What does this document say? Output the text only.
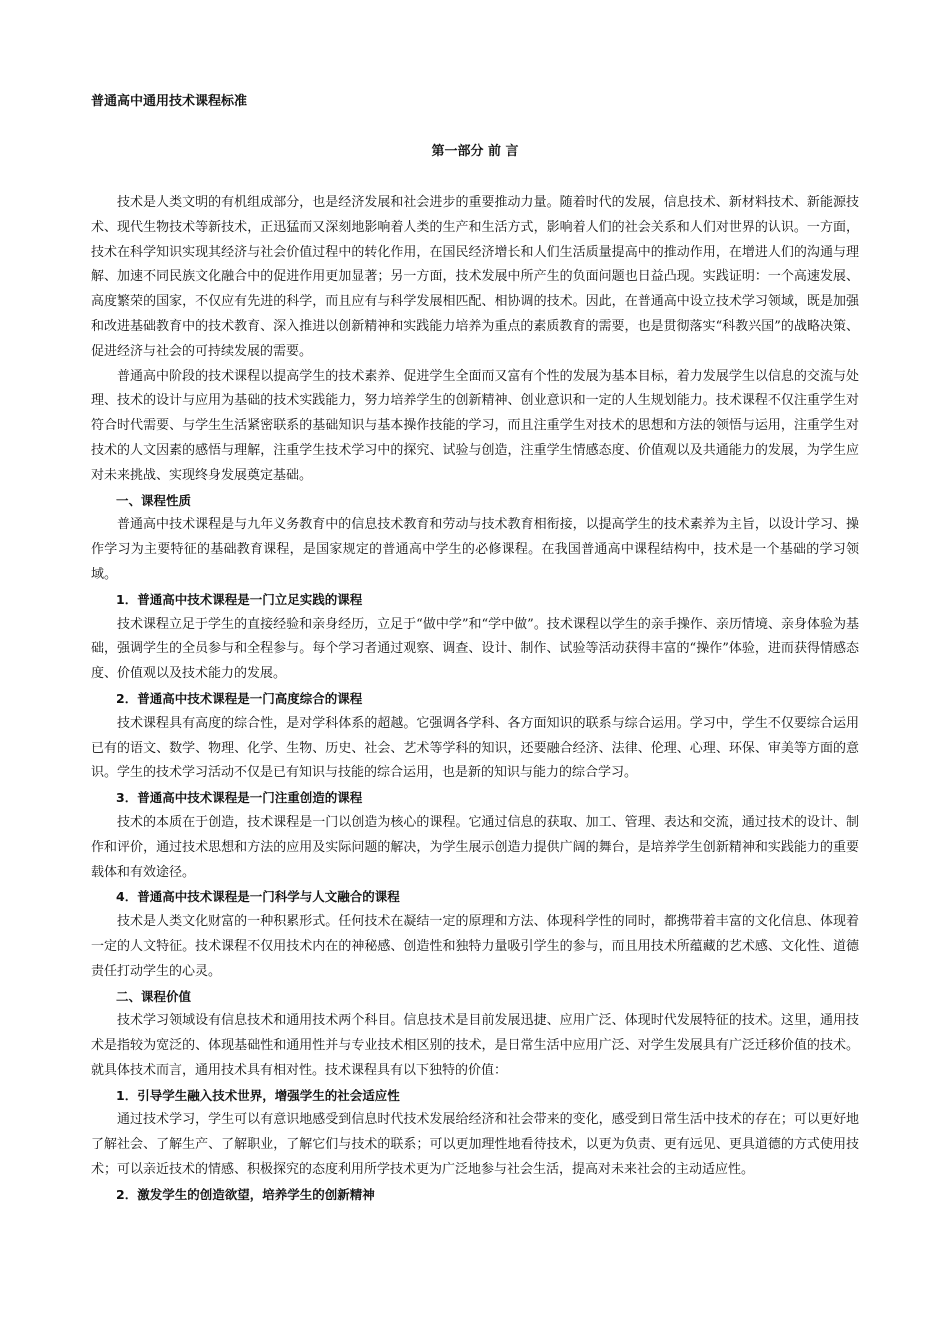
普通高中通用技术课程标准
第一部分 前 言

技术是人类文明的有机组成部分，也是经济发展和社会进步的重要推动力量。随着时代的发展，信息技术、新材料技术、新能源技术、现代生物技术等新技术，正迅猛而又深刻地影响着人类的生产和生活方式，影响着人们的社会关系和人们对世界的认识。一方面，技术在科学知识实现其经济与社会价值过程中的转化作用，在国民经济增长和人们生活质量提高中的推动作用，在增进人们的沟通与理解、加速不同民族文化融合中的促进作用更加显著；另一方面，技术发展中所产生的负面问题也日益凸现。实践证明：一个高速发展、高度繁荣的国家，不仅应有先进的科学，而且应有与科学发展相匹配、相协调的技术。因此，在普通高中设立技术学习领域，既是加强和改进基础教育中的技术教育、深入推进以创新精神和实践能力培养为重点的素质教育的需要，也是贯彻落实“科教兴国”的战略决策、促进经济与社会的可持续发展的需要。

普通高中阶段的技术课程以提高学生的技术素养、促进学生全面而又富有个性的发展为基本目标，着力发展学生以信息的交流与处理、技术的设计与应用为基础的技术实践能力，努力培养学生的创新精神、创业意识和一定的人生规划能力。技术课程不仅注重学生对符合时代需要、与学生生活紧密联系的基础知识与基本操作技能的学习，而且注重学生对技术的思想和方法的领悟与运用，注重学生对技术的人文因素的感悟与理解，注重学生技术学习中的探究、试验与创造，注重学生情感态度、价值观以及共通能力的发展，为学生应对未来挑战、实现终身发展奠定基础。

一、课程性质

普通高中技术课程是与九年义务教育中的信息技术教育和劳动与技术教育相衔接，以提高学生的技术素养为主旨，以设计学习、操作学习为主要特征的基础教育课程，是国家规定的普通高中学生的必修课程。在我国普通高中课程结构中，技术是一个基础的学习领域。

1．普通高中技术课程是一门立足实践的课程

技术课程立足于学生的直接经验和亲身经历，立足于“做中学”和“学中做”。技术课程以学生的亲手操作、亲历情境、亲身体验为基础，强调学生的全员参与和全程参与。每个学习者通过观察、调查、设计、制作、试验等活动获得丰富的“操作”体验，进而获得情感态度、价值观以及技术能力的发展。

2．普通高中技术课程是一门高度综合的课程

技术课程具有高度的综合性，是对学科体系的超越。它强调各学科、各方面知识的联系与综合运用。学习中，学生不仅要综合运用已有的语文、数学、物理、化学、生物、历史、社会、艺术等学科的知识，还要融合经济、法律、伦理、心理、环保、审美等方面的意识。学生的技术学习活动不仅是已有知识与技能的综合运用，也是新的知识与能力的综合学习。

3．普通高中技术课程是一门注重创造的课程

技术的本质在于创造，技术课程是一门以创造为核心的课程。它通过信息的获取、加工、管理、表达和交流，通过技术的设计、制作和评价，通过技术思想和方法的应用及实际问题的解决，为学生展示创造力提供广阔的舞台，是培养学生创新精神和实践能力的重要载体和有效途径。

4．普通高中技术课程是一门科学与人文融合的课程

技术是人类文化财富的一种积累形式。任何技术在凝结一定的原理和方法、体现科学性的同时，都携带着丰富的文化信息、体现着一定的人文特征。技术课程不仅用技术内在的神秘感、创造性和独特力量吸引学生的参与，而且用技术所蕴藏的艺术感、文化性、道德责任打动学生的心灵。

二、课程价值

技术学习领域设有信息技术和通用技术两个科目。信息技术是目前发展迅捷、应用广泛、体现时代发展特征的技术。这里，通用技术是指较为宽泛的、体现基础性和通用性并与专业技术相区别的技术，是日常生活中应用广泛、对学生发展具有广泛迁移价值的技术。就具体技术而言，通用技术具有相对性。技术课程具有以下独特的价值：

1．引导学生融入技术世界，增强学生的社会适应性

通过技术学习，学生可以有意识地感受到信息时代技术发展给经济和社会带来的变化，感受到日常生活中技术的存在；可以更好地了解社会、了解生产、了解职业，了解它们与技术的联系；可以更加理性地看待技术，以更为负责、更有远见、更具道德的方式使用技术；可以亲近技术的情感、积极探究的态度利用所学技术更为广泛地参与社会生活，提高对未来社会的主动适应性。

2．激发学生的创造欲望，培养学生的创新精神
